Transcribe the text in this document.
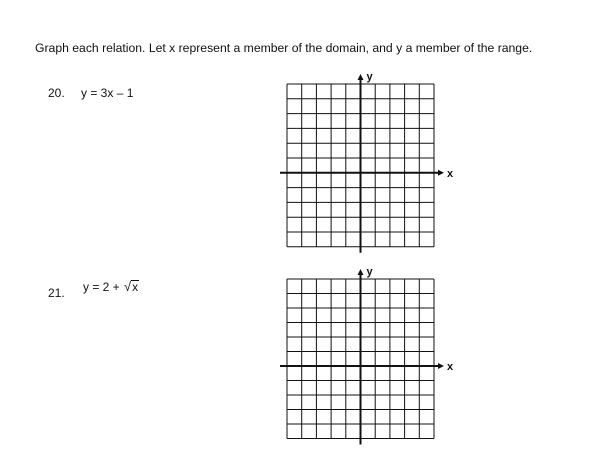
Graph each relation. Let x represent a member of the domain, and y a member of the range.
20. y = 3x – 1
21. y = 2 + √x
y
x
y
x
